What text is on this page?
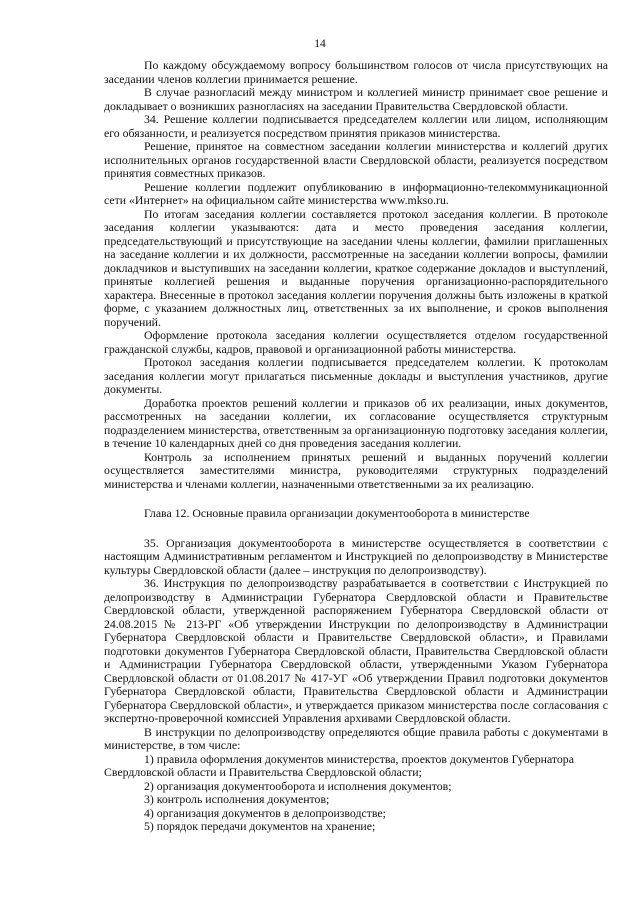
14

По каждому обсуждаемому вопросу большинством голосов от числа присутствующих на заседании членов коллегии принимается решение.

В случае разногласий между министром и коллегией министр принимает свое решение и докладывает о возникших разногласиях на заседании Правительства Свердловской области.

34. Решение коллегии подписывается председателем коллегии или лицом, исполняющим его обязанности, и реализуется посредством принятия приказов министерства.

Решение, принятое на совместном заседании коллегии министерства и коллегий других исполнительных органов государственной власти Свердловской области, реализуется посредством принятия совместных приказов.

Решение коллегии подлежит опубликованию в информационно-телекоммуникационной сети «Интернет» на официальном сайте министерства www.mkso.ru.

По итогам заседания коллегии составляется протокол заседания коллегии. В протоколе заседания коллегии указываются: дата и место проведения заседания коллегии, председательствующий и присутствующие на заседании члены коллегии, фамилии приглашенных на заседание коллегии и их должности, рассмотренные на заседании коллегии вопросы, фамилии докладчиков и выступивших на заседании коллегии, краткое содержание докладов и выступлений, принятые коллегией решения и выданные поручения организационно-распорядительного характера. Внесенные в протокол заседания коллегии поручения должны быть изложены в краткой форме, с указанием должностных лиц, ответственных за их выполнение, и сроков выполнения поручений.

Оформление протокола заседания коллегии осуществляется отделом государственной гражданской службы, кадров, правовой и организационной работы министерства.

Протокол заседания коллегии подписывается председателем коллегии. К протоколам заседания коллегии могут прилагаться письменные доклады и выступления участников, другие документы.

Доработка проектов решений коллегии и приказов об их реализации, иных документов, рассмотренных на заседании коллегии, их согласование осуществляется структурным подразделением министерства, ответственным за организационную подготовку заседания коллегии, в течение 10 календарных дней со дня проведения заседания коллегии.

Контроль за исполнением принятых решений и выданных поручений коллегии осуществляется заместителями министра, руководителями структурных подразделений министерства и членами коллегии, назначенными ответственными за их реализацию.

Глава 12. Основные правила организации документооборота в министерстве

35. Организация документооборота в министерстве осуществляется в соответствии с настоящим Административным регламентом и Инструкцией по делопроизводству в Министерстве культуры Свердловской области (далее – инструкция по делопроизводству).

36. Инструкция по делопроизводству разрабатывается в соответствии с Инструкцией по делопроизводству в Администрации Губернатора Свердловской области и Правительстве Свердловской области, утвержденной распоряжением Губернатора Свердловской области от 24.08.2015 № 213-РГ «Об утверждении Инструкции по делопроизводству в Администрации Губернатора Свердловской области и Правительстве Свердловской области», и Правилами подготовки документов Губернатора Свердловской области, Правительства Свердловской области и Администрации Губернатора Свердловской области, утвержденными Указом Губернатора Свердловской области от 01.08.2017 № 417-УГ «Об утверждении Правил подготовки документов Губернатора Свердловской области, Правительства Свердловской области и Администрации Губернатора Свердловской области», и утверждается приказом министерства после согласования с экспертно-проверочной комиссией Управления архивами Свердловской области.

В инструкции по делопроизводству определяются общие правила работы с документами в министерстве, в том числе:

1) правила оформления документов министерства, проектов документов Губернатора Свердловской области и Правительства Свердловской области;

2) организация документооборота и исполнения документов;

3) контроль исполнения документов;

4) организация документов в делопроизводстве;

5) порядок передачи документов на хранение;
